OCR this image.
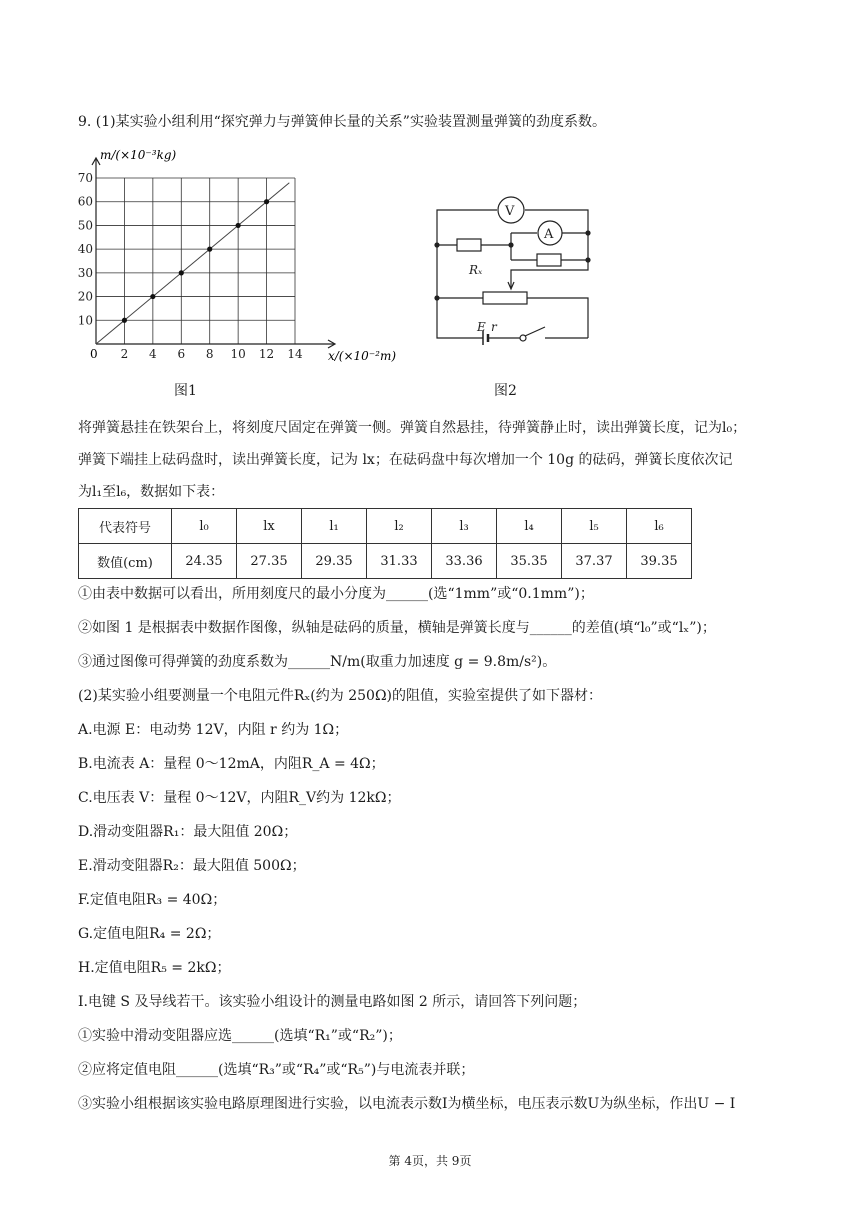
9. (1)某实验小组利用“探究弹力与弹簧伸长量的关系”实验装置测量弹簧的劲度系数。
2 4 6 8 10 12 14
10
20
30
40
50
60
70
m/(×10⁻³kg)
x/(×10⁻²m)
0
图1
V
Rₓ
A
E r
图2
将弹簧悬挂在铁架台上，将刻度尺固定在弹簧一侧。弹簧自然悬挂，待弹簧静止时，读出弹簧长度，记为l₀；
弹簧下端挂上砝码盘时，读出弹簧长度，记为 lx；在砝码盘中每次增加一个 10g 的砝码，弹簧长度依次记
为l₁至l₆，数据如下表：
代表符号	l₀	lx	l₁	l₂	l₃	l₄	l₅	l₆
数值(cm)	24.35	27.35	29.35	31.33	33.36	35.35	37.37	39.35
①由表中数据可以看出，所用刻度尺的最小分度为______(选“1mm”或“0.1mm”)；
②如图 1 是根据表中数据作图像，纵轴是砝码的质量，横轴是弹簧长度与______的差值(填“l₀”或“lₓ”)；
③通过图像可得弹簧的劲度系数为______N/m(取重力加速度 g = 9.8m/s²)。
(2)某实验小组要测量一个电阻元件Rₓ(约为 250Ω)的阻值，实验室提供了如下器材：
A.电源 E：电动势 12V，内阻 r 约为 1Ω；
B.电流表 A：量程 0～12mA，内阻R_A = 4Ω；
C.电压表 V：量程 0～12V，内阻R_V约为 12kΩ；
D.滑动变阻器R₁：最大阻值 20Ω；
E.滑动变阻器R₂：最大阻值 500Ω；
F.定值电阻R₃ = 40Ω；
G.定值电阻R₄ = 2Ω；
H.定值电阻R₅ = 2kΩ；
I.电键 S 及导线若干。该实验小组设计的测量电路如图 2 所示，请回答下列问题；
①实验中滑动变阻器应选______(选填“R₁”或“R₂”)；
②应将定值电阻______(选填“R₃”或“R₄”或“R₅”)与电流表并联；
③实验小组根据该实验电路原理图进行实验，以电流表示数I为横坐标，电压表示数U为纵坐标，作出U − I
第 4页，共 9页
